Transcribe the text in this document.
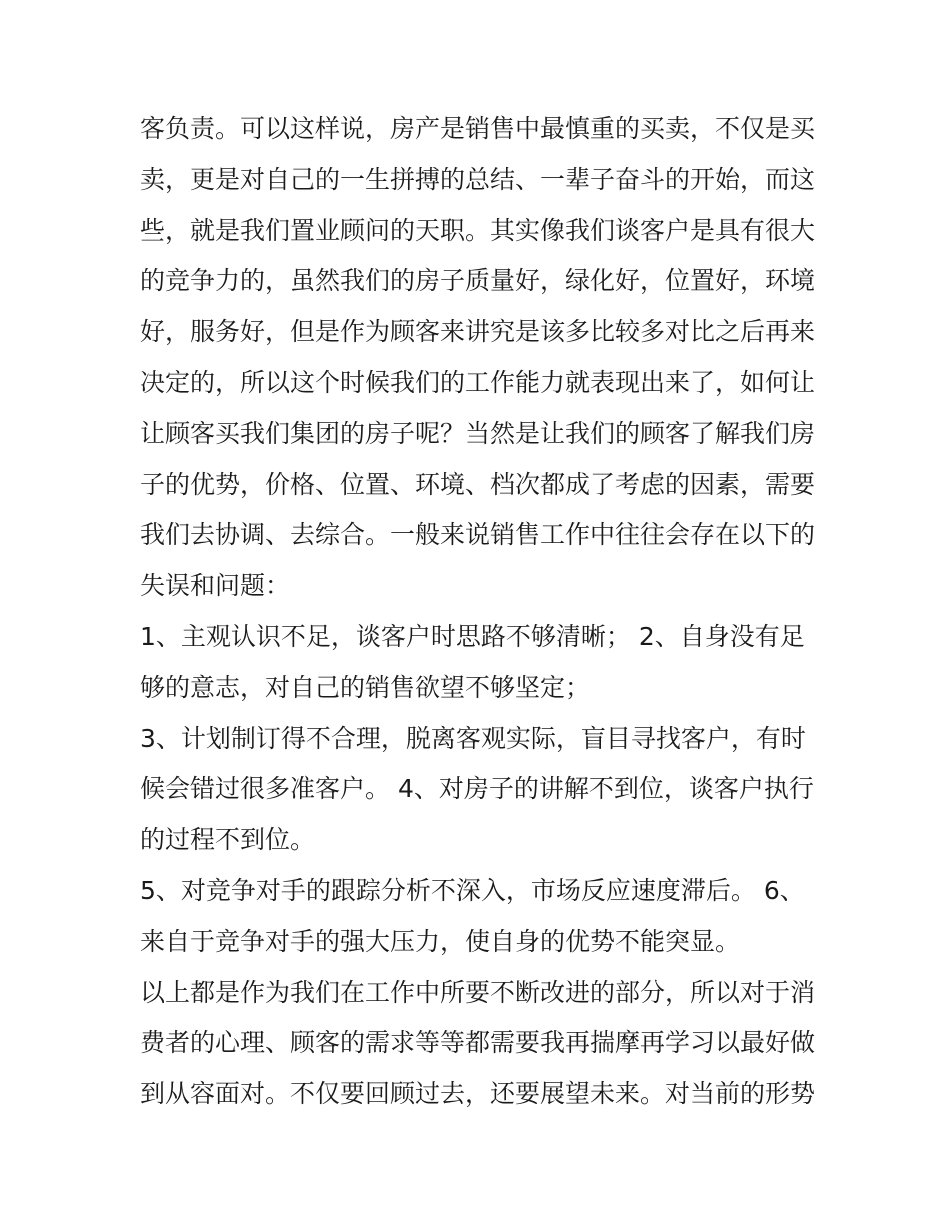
客负责。可以这样说，房产是销售中最慎重的买卖，不仅是买
卖，更是对自己的一生拼搏的总结、一辈子奋斗的开始，而这
些，就是我们置业顾问的天职。其实像我们谈客户是具有很大
的竞争力的，虽然我们的房子质量好，绿化好，位置好，环境
好，服务好，但是作为顾客来讲究是该多比较多对比之后再来
决定的，所以这个时候我们的工作能力就表现出来了，如何让
让顾客买我们集团的房子呢？当然是让我们的顾客了解我们房
子的优势，价格、位置、环境、档次都成了考虑的因素，需要
我们去协调、去综合。一般来说销售工作中往往会存在以下的
失误和问题：
1、主观认识不足，谈客户时思路不够清晰； 2、自身没有足
够的意志，对自己的销售欲望不够坚定；
3、计划制订得不合理，脱离客观实际，盲目寻找客户，有时
候会错过很多准客户。 4、对房子的讲解不到位，谈客户执行
的过程不到位。
5、对竞争对手的跟踪分析不深入，市场反应速度滞后。 6、
来自于竞争对手的强大压力，使自身的优势不能突显。
以上都是作为我们在工作中所要不断改进的部分，所以对于消
费者的心理、顾客的需求等等都需要我再揣摩再学习以最好做
到从容面对。不仅要回顾过去，还要展望未来。对当前的形势
